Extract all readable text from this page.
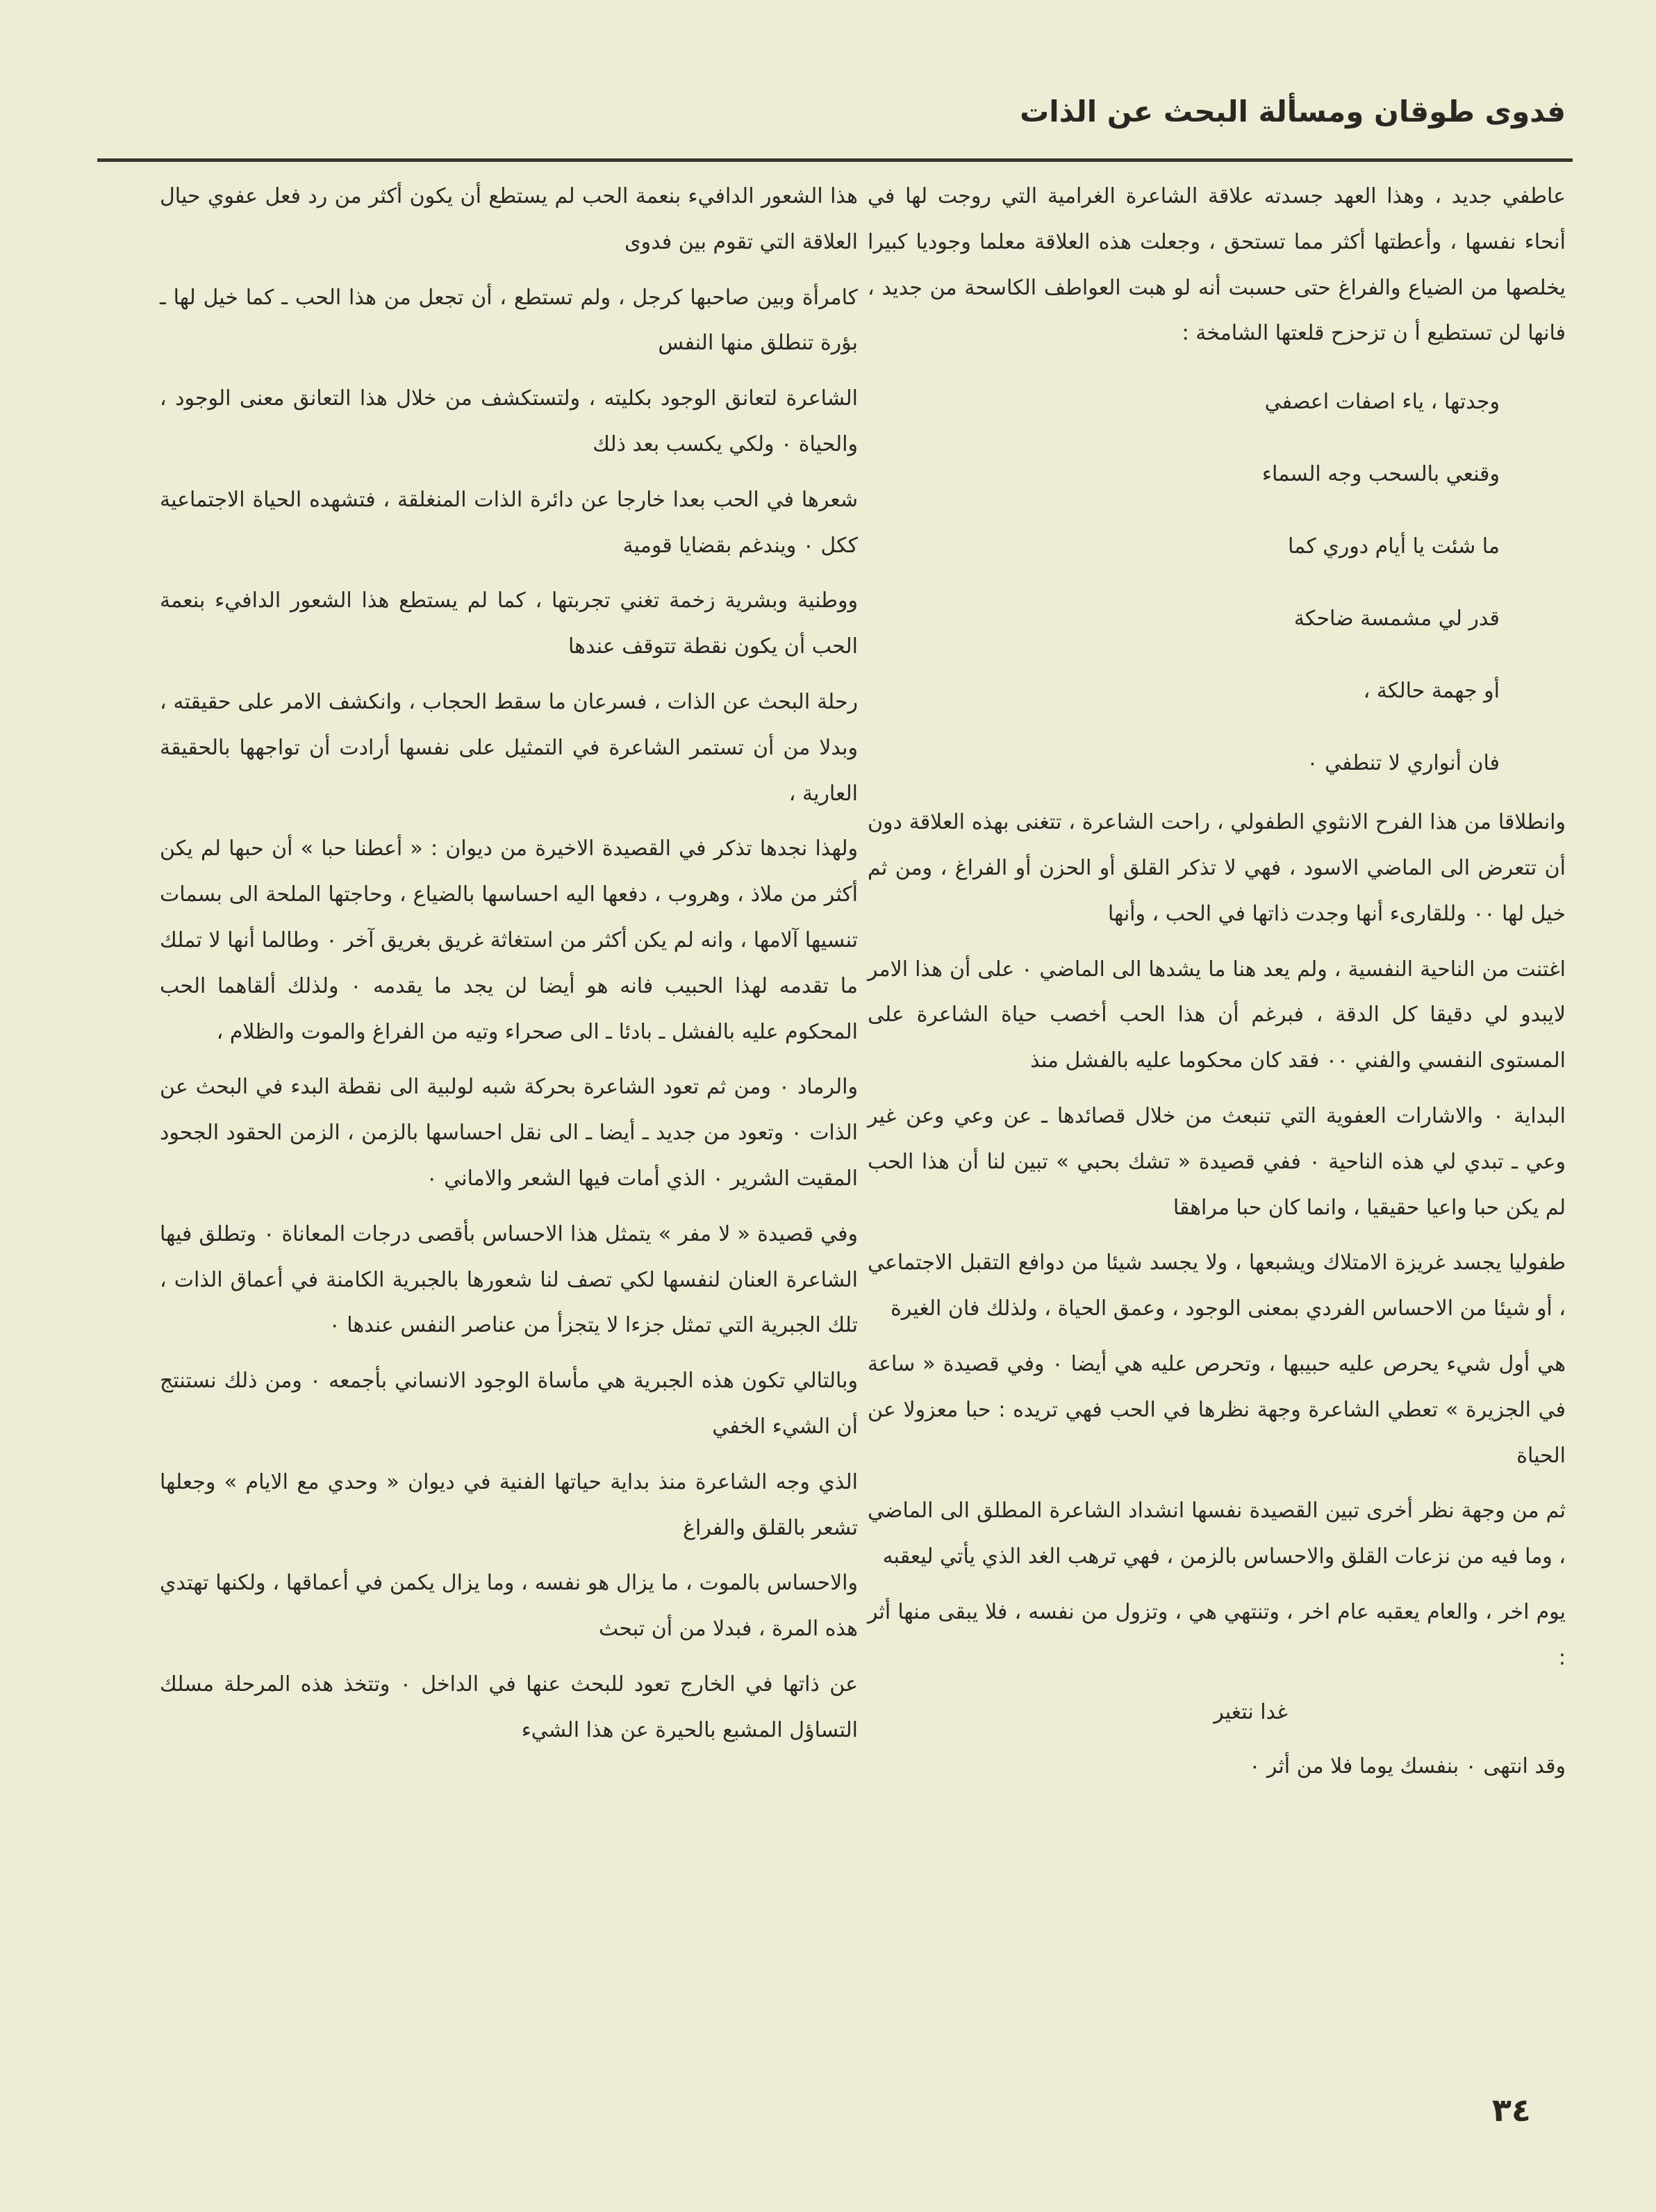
فدوى طوقان ومسألة البحث عن الذات

عاطفي جديد ، وهذا العهد جسدته علاقة الشاعرة الغرامية التي روجت لها في أنحاء نفسها ، وأعطتها أكثر مما تستحق ، وجعلت هذه العلاقة معلما وجوديا كبيرا يخلصها من الضياع والفراغ حتى حسبت أنه لو هبت العواطف الكاسحة من جديد ، فانها لن تستطيع أ ن تزحزح قلعتها الشامخة :

وجدتها ، ياء اصفات اعصفي
وقنعي بالسحب وجه السماء
ما شئت يا أيام دوري كما
قدر لي مشمسة ضاحكة
أو جهمة حالكة ،
فان أنواري لا تنطفي ٠

وانطلاقا من هذا الفرح الانثوي الطفولي ، راحت الشاعرة ، تتغنى بهذه العلاقة دون أن تتعرض الى الماضي الاسود ، فهي لا تذكر القلق أو الحزن أو الفراغ ، ومن ثم خيل لها ٠٠ وللقارىء أنها وجدت ذاتها في الحب ، وأنها

اغتنت من الناحية النفسية ، ولم يعد هنا ما يشدها الى الماضي ٠ على أن هذا الامر لايبدو لي دقيقا كل الدقة ، فبرغم أن هذا الحب أخصب حياة الشاعرة على المستوى النفسي والفني ٠٠ فقد كان محكوما عليه بالفشل منذ

البداية ٠ والاشارات العفوية التي تنبعث من خلال قصائدها ـ عن وعي وعن غير وعي ـ تبدي لي هذه الناحية ٠ ففي قصيدة « تشك بحبي » تبين لنا أن هذا الحب لم يكن حبا واعيا حقيقيا ، وانما كان حبا مراهقا

طفوليا يجسد غريزة الامتلاك ويشبعها ، ولا يجسد شيئا من دوافع التقبل الاجتماعي ، أو شيئا من الاحساس الفردي بمعنى الوجود ، وعمق الحياة ، ولذلك فان الغيرة

هي أول شيء يحرص عليه حبيبها ، وتحرص عليه هي أيضا ٠ وفي قصيدة « ساعة في الجزيرة » تعطي الشاعرة وجهة نظرها في الحب فهي تريده : حبا معزولا عن الحياة

ثم من وجهة نظر أخرى تبين القصيدة نفسها انشداد الشاعرة المطلق الى الماضي ، وما فيه من نزعات القلق والاحساس بالزمن ، فهي ترهب الغد الذي يأتي ليعقبه

يوم اخر ، والعام يعقبه عام اخر ، وتنتهي هي ، وتزول من نفسه ، فلا يبقى منها أثر :

غدا نتغير

وقد انتهى ٠ بنفسك يوما فلا من أثر ٠

هذا الشعور الدافيء بنعمة الحب لم يستطع أن يكون أكثر من رد فعل عفوي حيال العلاقة التي تقوم بين فدوى

كامرأة وبين صاحبها كرجل ، ولم تستطع ، أن تجعل من هذا الحب ـ كما خيل لها ـ بؤرة تنطلق منها النفس

الشاعرة لتعانق الوجود بكليته ، ولتستكشف من خلال هذا التعانق معنى الوجود ، والحياة ٠ ولكي يكسب بعد ذلك

شعرها في الحب بعدا خارجا عن دائرة الذات المنغلقة ، فتشهده الحياة الاجتماعية ككل ٠ ويندغم بقضايا قومية

ووطنية وبشرية زخمة تغني تجربتها ، كما لم يستطع هذا الشعور الدافيء بنعمة الحب أن يكون نقطة تتوقف عندها

رحلة البحث عن الذات ، فسرعان ما سقط الحجاب ، وانكشف الامر على حقيقته ، وبدلا من أن تستمر الشاعرة في التمثيل على نفسها أرادت أن تواجهها بالحقيقة العارية ،

ولهذا نجدها تذكر في القصيدة الاخيرة من ديوان : « أعطنا حبا » أن حبها لم يكن أكثر من ملاذ ، وهروب ، دفعها اليه احساسها بالضياع ، وحاجتها الملحة الى بسمات تنسيها آلامها ، وانه لم يكن أكثر من استغاثة غريق بغريق آخر ٠ وطالما أنها لا تملك ما تقدمه لهذا الحبيب فانه هو أيضا لن يجد ما يقدمه ٠ ولذلك ألقاهما الحب المحكوم عليه بالفشل ـ بادئا ـ الى صحراء وتيه من الفراغ والموت والظلام ،

والرماد ٠ ومن ثم تعود الشاعرة بحركة شبه لولبية الى نقطة البدء في البحث عن الذات ٠ وتعود من جديد ـ أيضا ـ الى نقل احساسها بالزمن ، الزمن الحقود الجحود المقيت الشرير ٠ الذي أمات فيها الشعر والاماني ٠

وفي قصيدة « لا مفر » يتمثل هذا الاحساس بأقصى درجات المعاناة ٠ وتطلق فيها الشاعرة العنان لنفسها لكي تصف لنا شعورها بالجبرية الكامنة في أعماق الذات ، تلك الجبرية التي تمثل جزءا لا يتجزأ من عناصر النفس عندها ٠

وبالتالي تكون هذه الجبرية هي مأساة الوجود الانساني بأجمعه ٠ ومن ذلك نستنتج أن الشيء الخفي

الذي وجه الشاعرة منذ بداية حياتها الفنية في ديوان « وحدي مع الايام » وجعلها تشعر بالقلق والفراغ

والاحساس بالموت ، ما يزال هو نفسه ، وما يزال يكمن في أعماقها ، ولكنها تهتدي هذه المرة ، فبدلا من أن تبحث

عن ذاتها في الخارج تعود للبحث عنها في الداخل ٠ وتتخذ هذه المرحلة مسلك التساؤل المشبع بالحيرة عن هذا الشيء

٣٤
